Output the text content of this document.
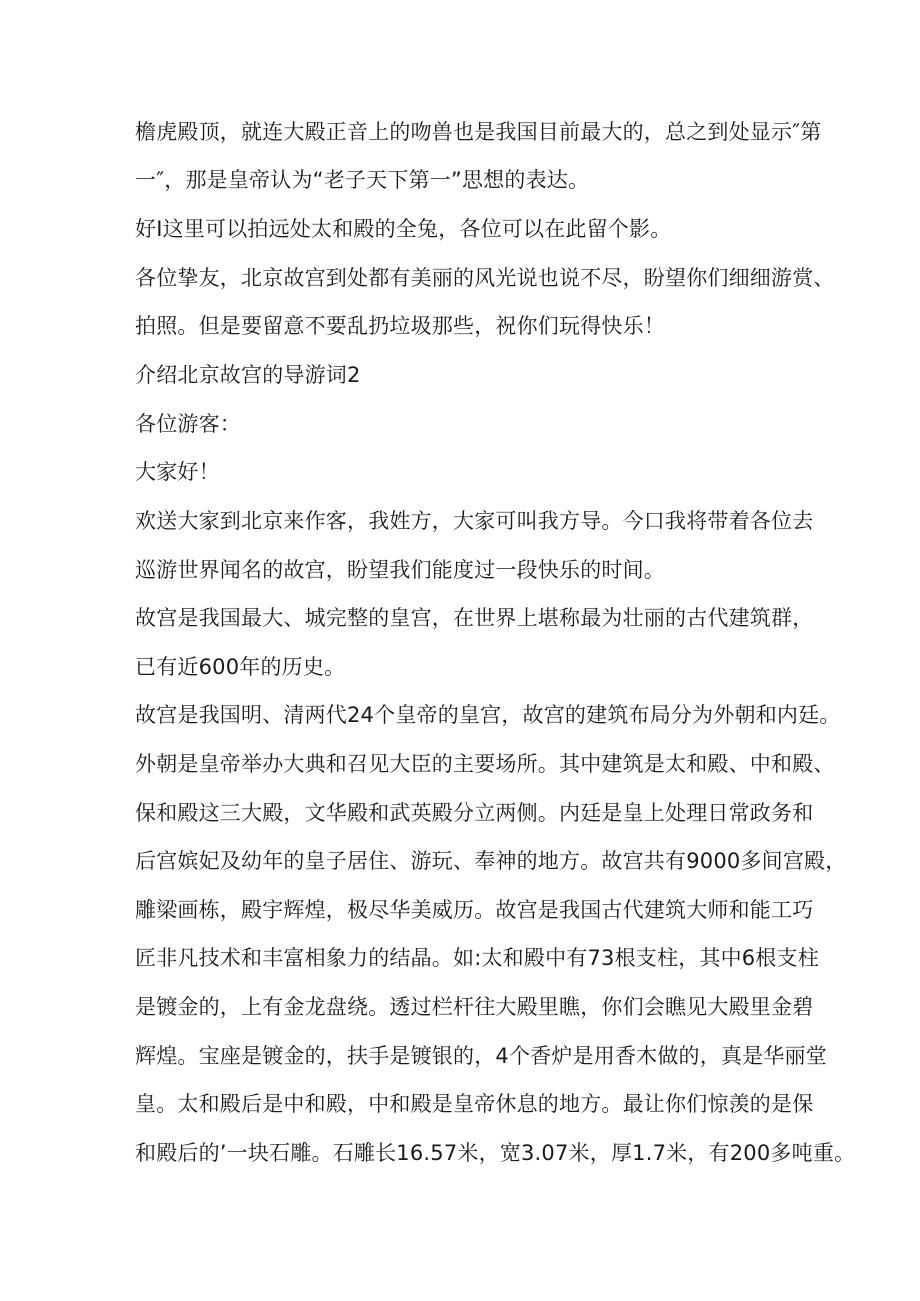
檐虎殿顶，就连大殿正音上的吻兽也是我国目前最大的，总之到处显示″第
一″，那是皇帝认为“老子天下第一”思想的表达。
好I这里可以拍远处太和殿的全兔，各位可以在此留个影。
各位挚友，北京故宫到处都有美丽的风光说也说不尽，盼望你们细细游赏、
拍照。但是要留意不要乱扔垃圾那些，祝你们玩得快乐！
介绍北京故宫的导游词2
各位游客：
大家好！
欢送大家到北京来作客，我姓方，大家可叫我方导。今口我将带着各位去
巡游世界闻名的故宫，盼望我们能度过一段快乐的时间。
故宫是我国最大、城完整的皇宫，在世界上堪称最为壮丽的古代建筑群，
已有近600年的历史。
故宫是我国明、清两代24个皇帝的皇宫，故宫的建筑布局分为外朝和内廷。
外朝是皇帝举办大典和召见大臣的主要场所。其中建筑是太和殿、中和殿、
保和殿这三大殿，文华殿和武英殿分立两侧。内廷是皇上处理日常政务和
后宫嫔妃及幼年的皇子居住、游玩、奉神的地方。故宫共有9000多间宫殿，
雕梁画栋，殿宇辉煌，极尽华美威历。故宫是我国古代建筑大师和能工巧
匠非凡技术和丰富相象力的结晶。如:太和殿中有73根支柱，其中6根支柱
是镀金的，上有金龙盘绕。透过栏杆往大殿里瞧，你们会瞧见大殿里金碧
辉煌。宝座是镀金的，扶手是镀银的，4个香炉是用香木做的，真是华丽堂
皇。太和殿后是中和殿，中和殿是皇帝休息的地方。最让你们惊羡的是保
和殿后的’一块石雕。石雕长16.57米，宽3.07米，厚1.7米，有200多吨重。
